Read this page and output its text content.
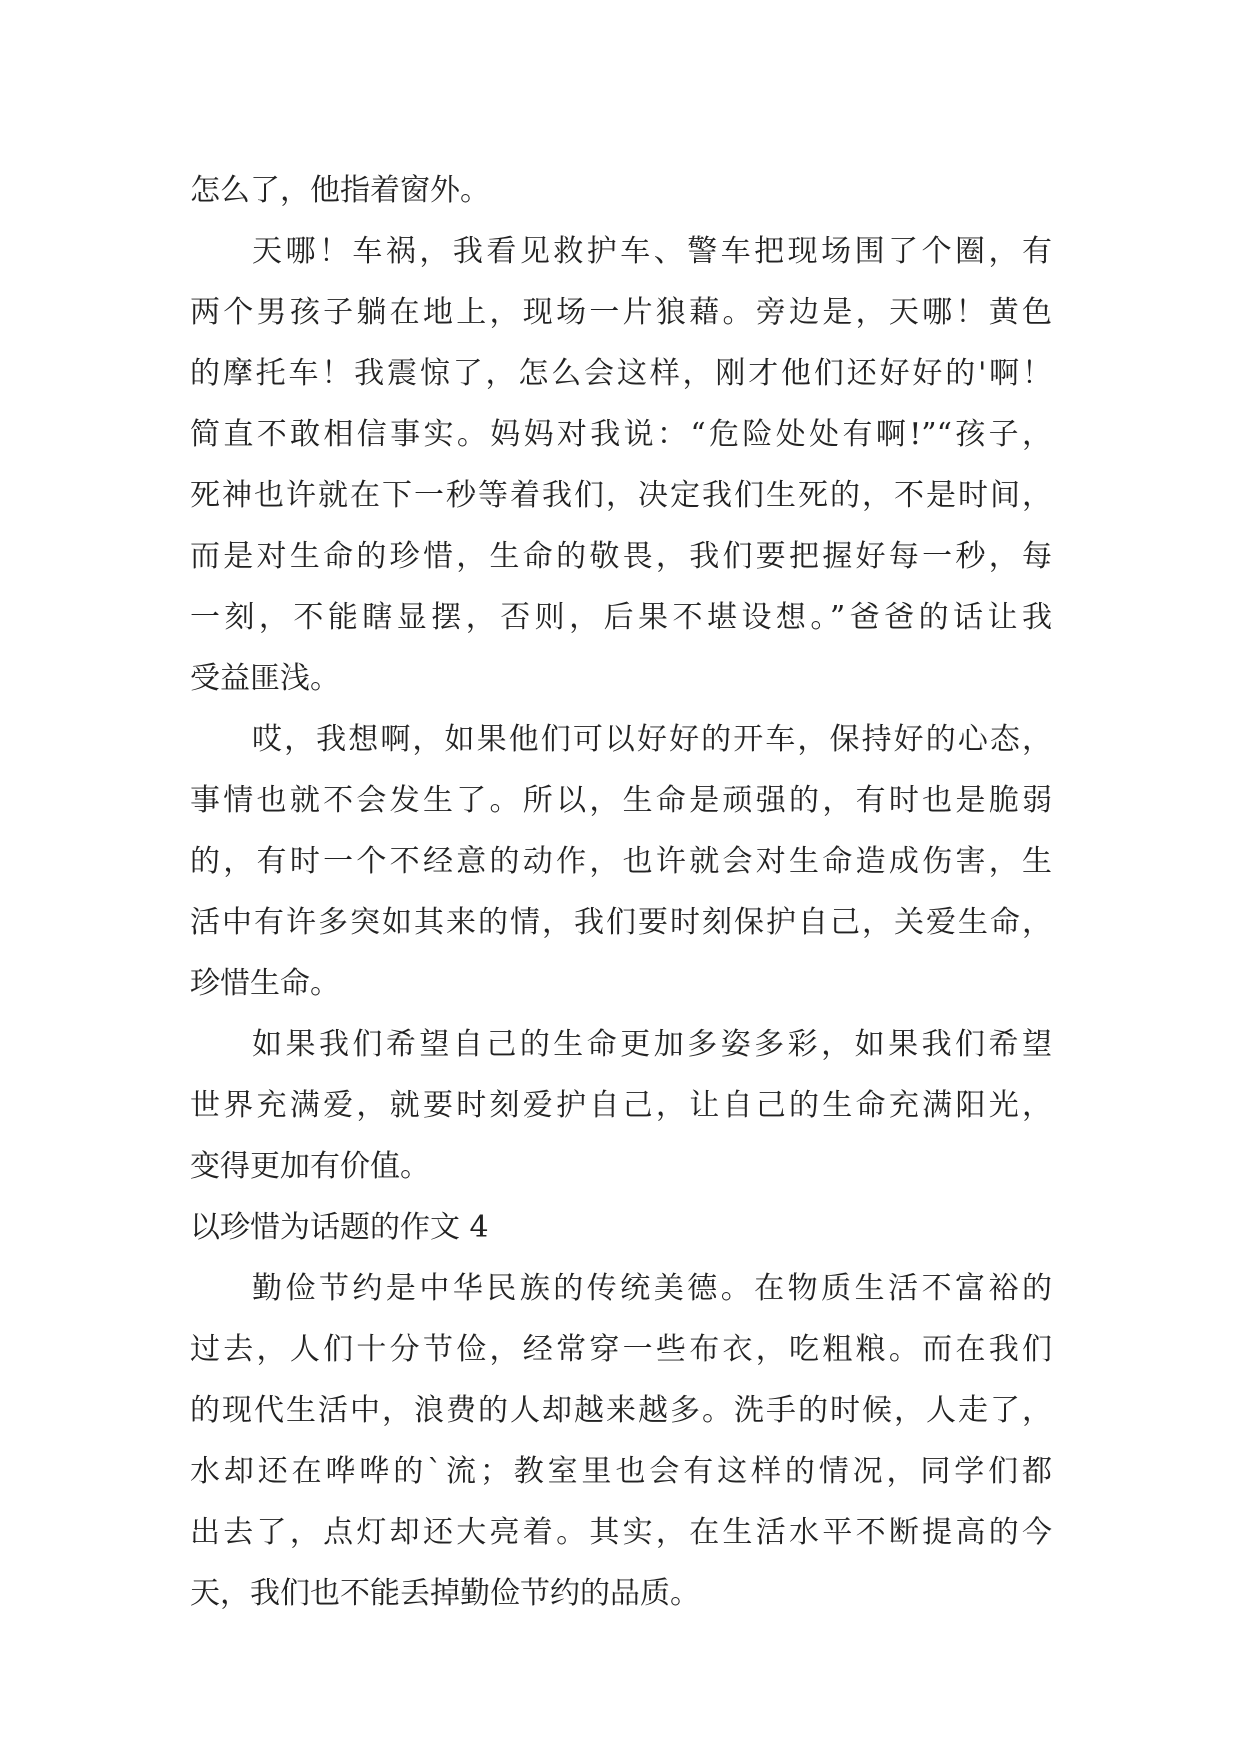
怎么了，他指着窗外。
天哪！车祸，我看见救护车、警车把现场围了个圈，有
两个男孩子躺在地上，现场一片狼藉。旁边是，天哪！黄色
的摩托车！我震惊了，怎么会这样，刚才他们还好好的'啊！
简直不敢相信事实。妈妈对我说：“危险处处有啊!”“孩子，
死神也许就在下一秒等着我们，决定我们生死的，不是时间，
而是对生命的珍惜，生命的敬畏，我们要把握好每一秒，每
一刻，不能瞎显摆，否则，后果不堪设想。”爸爸的话让我
受益匪浅。
哎，我想啊，如果他们可以好好的开车，保持好的心态，
事情也就不会发生了。所以，生命是顽强的，有时也是脆弱
的，有时一个不经意的动作，也许就会对生命造成伤害，生
活中有许多突如其来的情，我们要时刻保护自己，关爱生命，
珍惜生命。
如果我们希望自己的生命更加多姿多彩，如果我们希望
世界充满爱，就要时刻爱护自己，让自己的生命充满阳光，
变得更加有价值。
以珍惜为话题的作文 4
勤俭节约是中华民族的传统美德。在物质生活不富裕的
过去，人们十分节俭，经常穿一些布衣，吃粗粮。而在我们
的现代生活中，浪费的人却越来越多。洗手的时候，人走了，
水却还在哗哗的`流；教室里也会有这样的情况，同学们都
出去了，点灯却还大亮着。其实，在生活水平不断提高的今
天，我们也不能丢掉勤俭节约的品质。
